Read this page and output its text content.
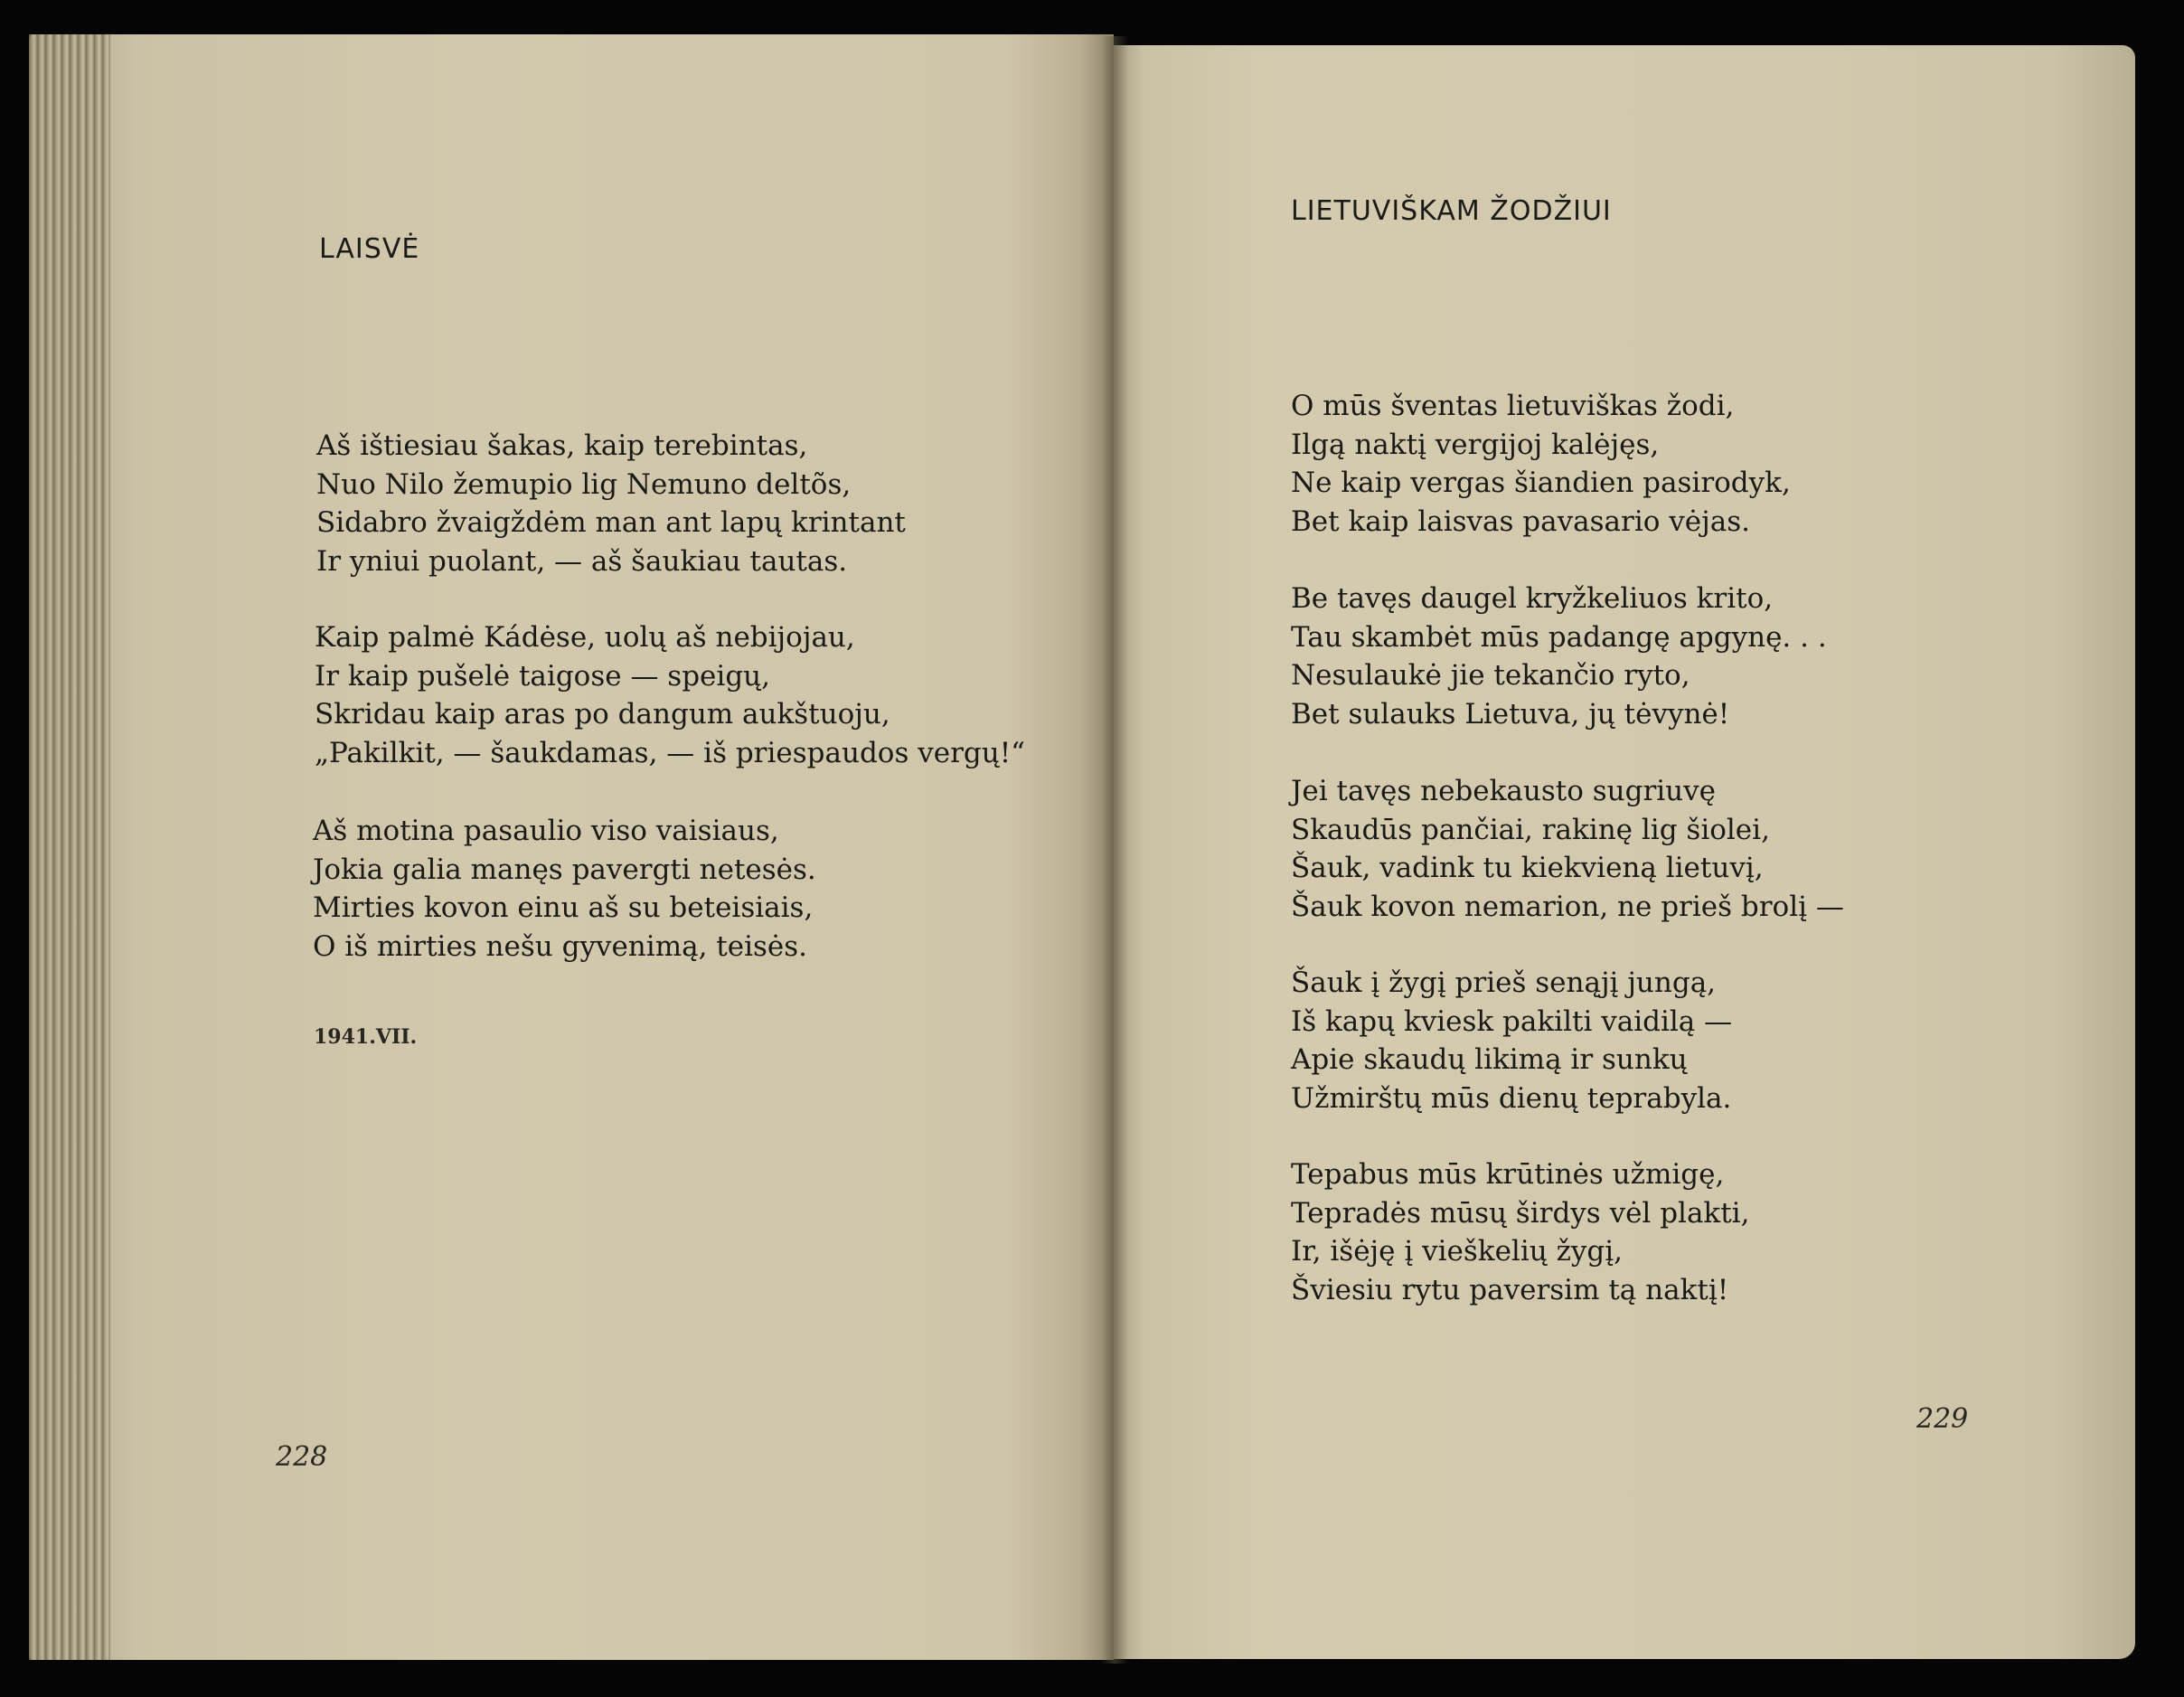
LAISVĖ
Aš ištiesiau šakas, kaip terebintas,
Nuo Nilo žemupio lig Nemuno deltõs,
Sidabro žvaigždėm man ant lapų krintant
Ir yniui puolant, — aš šaukiau tautas.
Kaip palmė Kádėse, uolų aš nebijojau,
Ir kaip pušelė taigose — speigų,
Skridau kaip aras po dangum aukštuoju,
„Pakilkit, — šaukdamas, — iš priespaudos vergų!“
Aš motina pasaulio viso vaisiaus,
Jokia galia manęs pavergti netesės.
Mirties kovon einu aš su beteisiais,
O iš mirties nešu gyvenimą, teisės.
1941.VII.
228
LIETUVIŠKAM ŽODŽIUI
O mūs šventas lietuviškas žodi,
Ilgą naktį vergijoj kalėjęs,
Ne kaip vergas šiandien pasirodyk,
Bet kaip laisvas pavasario vėjas.
Be tavęs daugel kryžkeliuos krito,
Tau skambėt mūs padangę apgynę. . .
Nesulaukė jie tekančio ryto,
Bet sulauks Lietuva, jų tėvynė!
Jei tavęs nebekausto sugriuvę
Skaudūs pančiai, rakinę lig šiolei,
Šauk, vadink tu kiekvieną lietuvį,
Šauk kovon nemarion, ne prieš brolį —
Šauk į žygį prieš senąjį jungą,
Iš kapų kviesk pakilti vaidilą —
Apie skaudų likimą ir sunkų
Užmirštų mūs dienų teprabyla.
Tepabus mūs krūtinės užmigę,
Tepradės mūsų širdys vėl plakti,
Ir, išėję į vieškelių žygį,
Šviesiu rytu paversim tą naktį!
229
